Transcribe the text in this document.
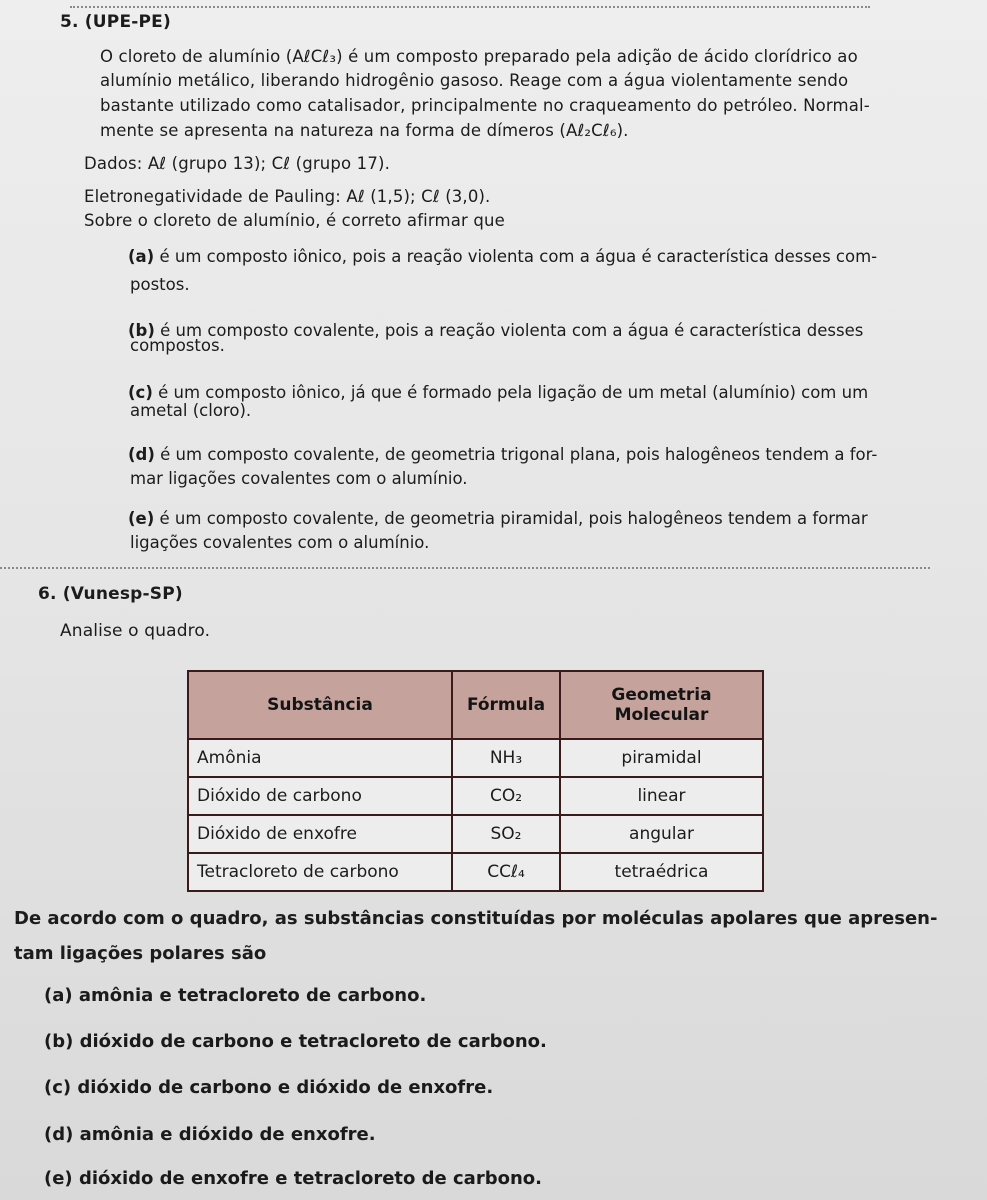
5. (UPE-PE)
O cloreto de alumínio (AℓCℓ₃) é um composto preparado pela adição de ácido clorídrico ao
alumínio metálico, liberando hidrogênio gasoso. Reage com a água violentamente sendo
bastante utilizado como catalisador, principalmente no craqueamento do petróleo. Normal-
mente se apresenta na natureza na forma de dímeros (Aℓ₂Cℓ₆).
Dados: Aℓ (grupo 13); Cℓ (grupo 17).
Eletronegatividade de Pauling: Aℓ (1,5); Cℓ (3,0).
Sobre o cloreto de alumínio, é correto afirmar que
(a) é um composto iônico, pois a reação violenta com a água é característica desses com-
postos.
(b) é um composto covalente, pois a reação violenta com a água é característica desses
compostos.
(c) é um composto iônico, já que é formado pela ligação de um metal (alumínio) com um
ametal (cloro).
(d) é um composto covalente, de geometria trigonal plana, pois halogêneos tendem a for-
mar ligações covalentes com o alumínio.
(e) é um composto covalente, de geometria piramidal, pois halogêneos tendem a formar
ligações covalentes com o alumínio.
6. (Vunesp-SP)
Analise o quadro.
Substância	Fórmula	Geometria Molecular
Amônia	NH₃	piramidal
Dióxido de carbono	CO₂	linear
Dióxido de enxofre	SO₂	angular
Tetracloreto de carbono	CCℓ₄	tetraédrica
De acordo com o quadro, as substâncias constituídas por moléculas apolares que apresen-
tam ligações polares são
(a) amônia e tetracloreto de carbono.
(b) dióxido de carbono e tetracloreto de carbono.
(c) dióxido de carbono e dióxido de enxofre.
(d) amônia e dióxido de enxofre.
(e) dióxido de enxofre e tetracloreto de carbono.
